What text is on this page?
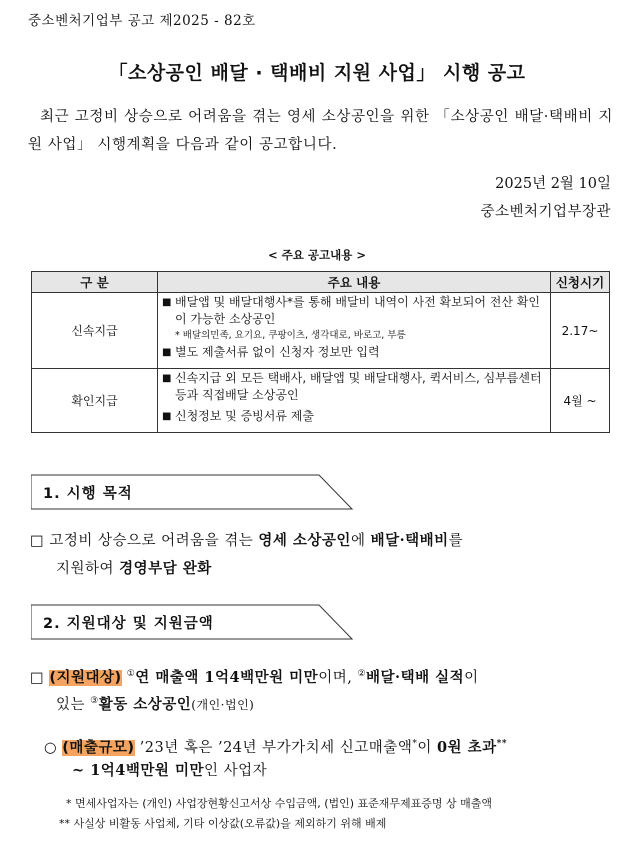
중소벤처기업부 공고 제2025 - 82호
「소상공인 배달 · 택배비 지원 사업」 시행 공고
최근 고정비 상승으로 어려움을 겪는 영세 소상공인을 위한 「소상공인 배달·택배비 지원 사업」 시행계획을 다음과 같이 공고합니다.
2025년 2월 10일
중소벤처기업부장관
< 주요 공고내용 >
구 분	주요 내용	신청시기
신속지급	■ 배달앱 및 배달대행사*를 통해 배달비 내역이 사전 확보되어 전산 확인이 가능한 소상공인
* 배달의민족, 요기요, 쿠팡이츠, 생각대로, 바로고, 부릉
■ 별도 제출서류 없이 신청자 정보만 입력	2.17~
확인지급	■ 신속지급 외 모든 택배사, 배달앱 및 배달대행사, 퀵서비스, 심부름센터 등과 직접배달 소상공인
■ 신청정보 및 증빙서류 제출	4월 ~
1. 시행 목적
□ 고정비 상승으로 어려움을 겪는 영세 소상공인에 배달·택배비를
지원하여 경영부담 완화
2. 지원대상 및 지원금액
□ (지원대상) ①연 매출액 1억4백만원 미만이며, ②배달·택배 실적이
있는 ③활동 소상공인(개인·법인)
○ (매출규모) ’23년 혹은 ’24년 부가가치세 신고매출액*이 0원 초과**
~ 1억4백만원 미만인 사업자
* 면세사업자는 (개인) 사업장현황신고서상 수입금액, (법인) 표준재무제표증명 상 매출액
** 사실상 비활동 사업체, 기타 이상값(오류값)을 제외하기 위해 배제
